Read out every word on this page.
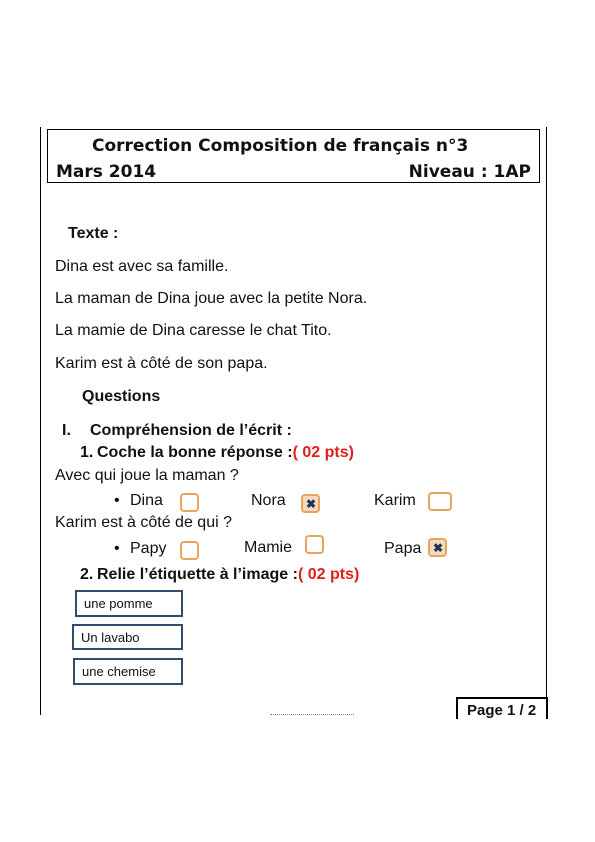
Correction Composition de français n°3
Mars 2014	Niveau : 1AP
Texte :
Dina est avec sa famille.
La maman de Dina joue avec la petite Nora.
La mamie de Dina caresse le chat Tito.
Karim est à côté de son papa.
Questions
I. Compréhension de l’écrit :
1. Coche la bonne réponse :( 02 pts)
Avec qui joue la maman ?
• Dina	Nora ✖	Karim
Karim est à côté de qui ?
• Papy	Mamie	Papa ✖
2. Relie l’étiquette à l’image :( 02 pts)
une pomme
Un lavabo
une chemise
Page 1 / 2
